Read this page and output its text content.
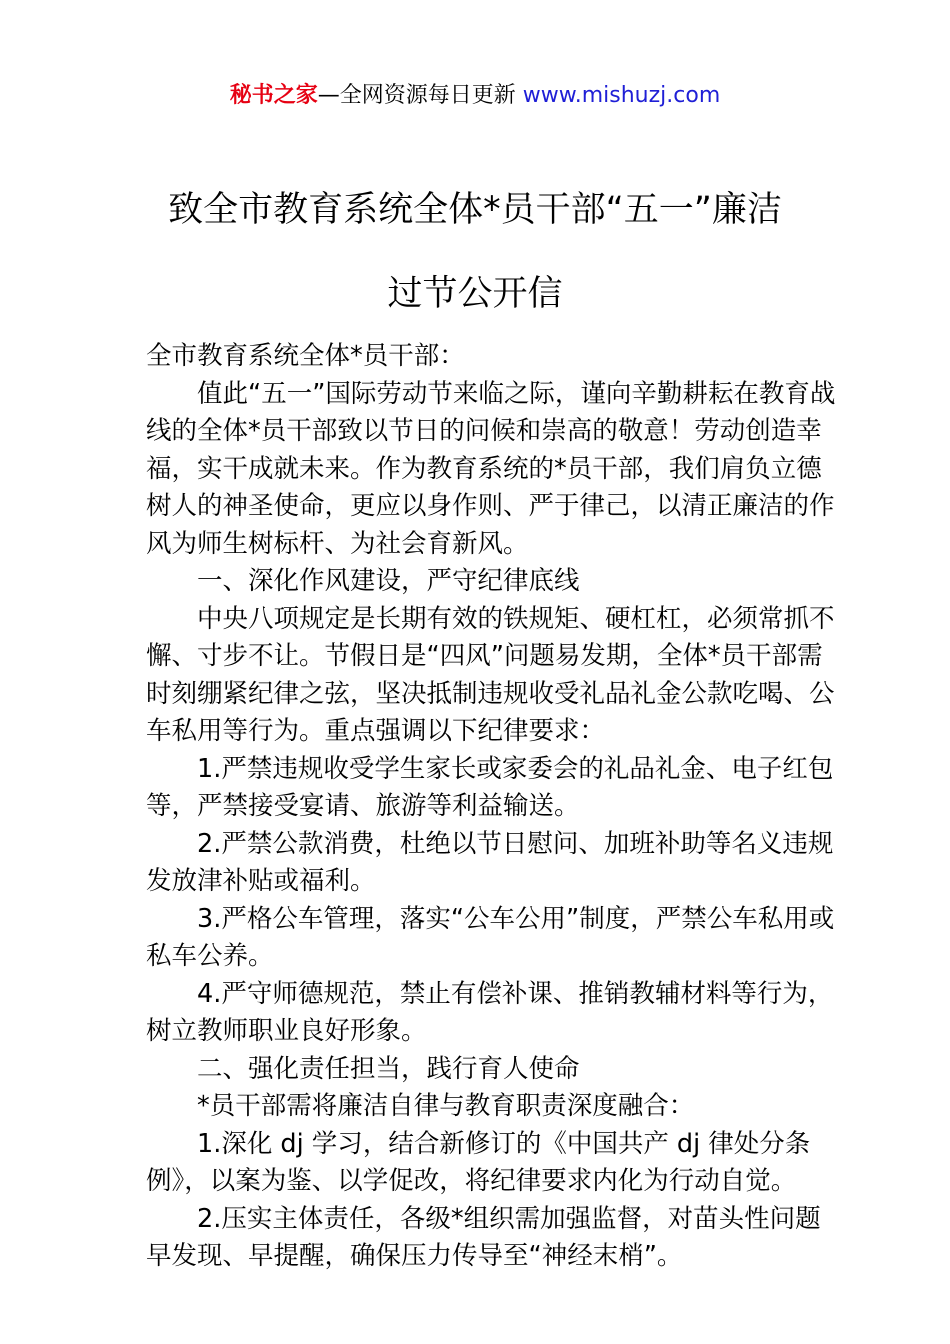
秘书之家—全网资源每日更新 www.mishuzj.com
致全市教育系统全体*员干部“五一”廉洁
过节公开信

全市教育系统全体*员干部：

值此“五一”国际劳动节来临之际，谨向辛勤耕耘在教育战线的全体*员干部致以节日的问候和崇高的敬意！劳动创造幸福，实干成就未来。作为教育系统的*员干部，我们肩负立德树人的神圣使命，更应以身作则、严于律己，以清正廉洁的作风为师生树标杆、为社会育新风。

一、深化作风建设，严守纪律底线

中央八项规定是长期有效的铁规矩、硬杠杠，必须常抓不懈、寸步不让。节假日是“四风”问题易发期，全体*员干部需时刻绷紧纪律之弦，坚决抵制违规收受礼品礼金公款吃喝、公车私用等行为。重点强调以下纪律要求：

1.严禁违规收受学生家长或家委会的礼品礼金、电子红包等，严禁接受宴请、旅游等利益输送。

2.严禁公款消费，杜绝以节日慰问、加班补助等名义违规发放津补贴或福利。

3.严格公车管理，落实“公车公用”制度，严禁公车私用或私车公养。

4.严守师德规范，禁止有偿补课、推销教辅材料等行为，树立教师职业良好形象。

二、强化责任担当，践行育人使命

*员干部需将廉洁自律与教育职责深度融合：

1.深化 dj 学习，结合新修订的《中国共产 dj 律处分条例》，以案为鉴、以学促改，将纪律要求内化为行动自觉。

2.压实主体责任，各级*组织需加强监督，对苗头性问题早发现、早提醒，确保压力传导至“神经末梢”。
